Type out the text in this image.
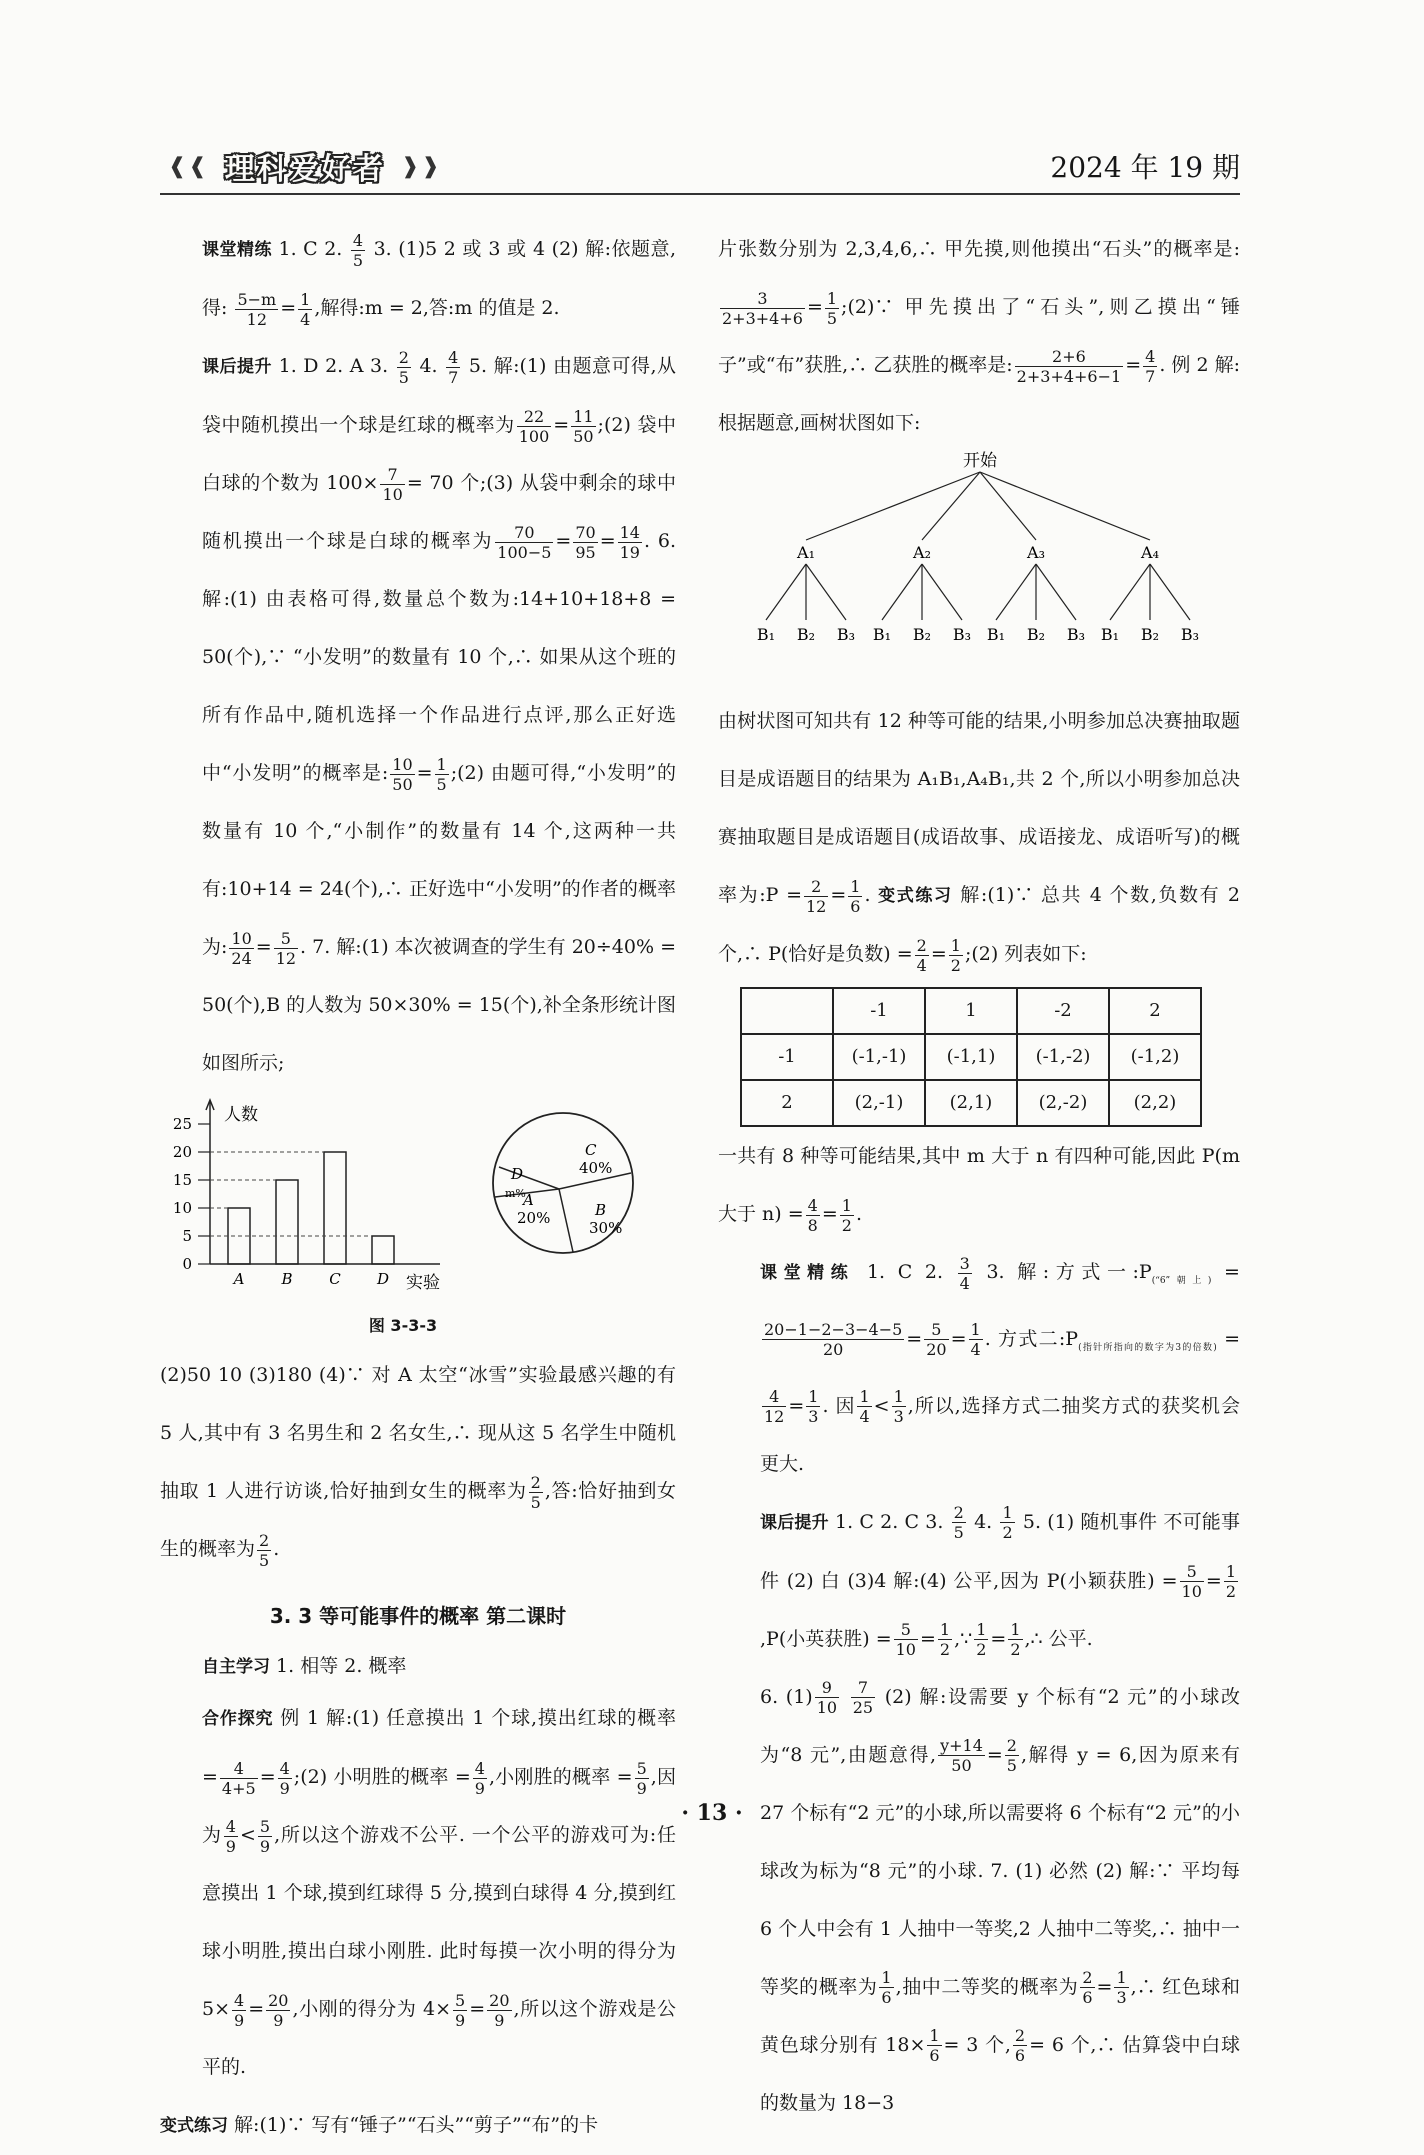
❰❰ 理科爱好者 ❱❱	2024 年 19 期

课堂精练 1. C 2. $\frac{4}{5} 3$. (1)5 2 或 3 或 4 (2) 解:依题意,得: $\frac{5-m}{12} = \frac{1}{4}$ ,解得:m = 2,答:m 的值是 2.

课后提升 1. D 2. A 3. $\frac{2}{5} 4$. $\frac{4}{7} 5$. 解:(1) 由题意可得,从袋中随机摸出一个球是红球的概率为 $\frac{22}{100} = \frac{11}{50}$ ;(2) 袋中白球的个数为 $100\times \frac{7}{10} = 70$ 个;(3) 从袋中剩余的球中随机摸出一个球是白球的概率为 $\frac{70}{100-5} = \frac{70}{95} = \frac{14}{19}$ . 6. 解:(1) 由表格可得,数量总个数为:14+10+18+8 = 50(个),∵ “小发明”的数量有 10 个,∴ 如果从这个班的所有作品中,随机选择一个作品进行点评,那么正好选中“小发明”的概率是: $\frac{10}{50} = \frac{1}{5}$ ;(2) 由题可得,“小发明”的数量有 10 个,“小制作”的数量有 14 个,这两种一共有:10+14 = 24(个),∴ 正好选中“小发明”的作者的概率为: $\frac{10}{24} = \frac{5}{12}$ . 7. 解:(1) 本次被调查的学生有 20÷40% = 50(个),B 的人数为 50×30% = 15(个),补全条形统计图如图所示;

人数
实验
0
5
10
15
20
25
A B C D
C
40%
B
30%
A
20%
D
m%
图 3-3-3

(2)50 10 (3)180 (4)∵ 对 A 太空“冰雪”实验最感兴趣的有 5 人,其中有 3 名男生和 2 名女生,∴ 现从这 5 名学生中随机抽取 1 人进行访谈,恰好抽到女生的概率为 $\frac{2}{5}$ ,答:恰好抽到女生的概率为 $\frac{2}{5}$ .

3. 3 等可能事件的概率 第二课时

自主学习 1. 相等 2. 概率

合作探究 例 1 解:(1) 任意摸出 1 个球,摸出红球的概率 = $\frac{4}{4+5} = \frac{4}{9}$ ;(2) 小明胜的概率 = $\frac{4}{9}$ ,小刚胜的概率 = $\frac{5}{9}$ ,因为 $\frac{4}{9} < \frac{5}{9}$ ,所以这个游戏不公平. 一个公平的游戏可为:任意摸出 1 个球,摸到红球得 5 分,摸到白球得 4 分,摸到红球小明胜,摸出白球小刚胜. 此时每摸一次小明的得分为 $5\times \frac{4}{9} = \frac{20}{9}$ ,小刚的得分为 $4\times \frac{5}{9} = \frac{20}{9}$ ,所以这个游戏是公平的.

变式练习 解:(1)∵ 写有“锤子”“石头”“剪子”“布”的卡

片张数分别为 2,3,4,6,∴ 甲先摸,则他摸出“石头”的概率是:
$\frac{3}{2+3+4+6} = \frac{1}{5}$ ;(2)∵ 甲先摸出了“石头”,则乙摸出“锤子”或“布”获胜,∴ 乙获胜的概率是: $\frac{2+6}{2+3+4+6-1} = \frac{4}{7}$ . 例 2 解:根据题意,画树状图如下:

开始
A₁
B₁ B₂ B₃
A₂
B₁ B₂ B₃
A₃
B₁ B₂ B₃
A₄
B₁ B₂ B₃

由树状图可知共有 12 种等可能的结果,小明参加总决赛抽取题目是成语题目的结果为 A₁B₁,A₄B₁,共 2 个,所以小明参加总决赛抽取题目是成语题目(成语故事、成语接龙、成语听写)的概率为:P = $\frac{2}{12} = \frac{1}{6}$ . 变式练习 解:(1)∵ 总共 4 个数,负数有 2 个,∴ P(恰好是负数) = $\frac{2}{4} = \frac{1}{2}$ ;(2) 列表如下:

	-1	1	-2	2
-1	(-1,-1)	(-1,1)	(-1,-2)	(-1,2)
2	(2,-1)	(2,1)	(2,-2)	(2,2)

一共有 8 种等可能结果,其中 m 大于 n 有四种可能,因此 P(m 大于 $n) = \frac{4}{8} = \frac{1}{2}$ .

课堂精练 1. C 2. $\frac{3}{4} 3$. 解:方式一$:P_{(“6”朝上)}$ =
$\frac{20-1-2-3-4-5}{20} = \frac{5}{20} = \frac{1}{4}$ . 方式二$:P_{(指针所指向的数字为3的倍数)}$ =
$\frac{4}{12} = \frac{1}{3}$ . 因 $\frac{1}{4} < \frac{1}{3}$ ,所以,选择方式二抽奖方式的获奖机会更大.

课后提升 1. C 2. C 3. $\frac{2}{5} 4$. $\frac{1}{2} 5$. (1) 随机事件 不可能事件 (2) 白 (3)4 解:(4) 公平,因为 P(小颖获胜) = $\frac{5}{10} = \frac{1}{2}$
,P(小英获胜) = $\frac{5}{10} = \frac{1}{2}$ ,∵ $\frac{1}{2} = \frac{1}{2}$ ,∴ 公平.

6. $(1) \frac{9}{10}$
$\frac{7}{25} (2)$ 解:设需要 y 个标有“2 元”的小球改为“8 元”,由题意得, $\frac{y+14}{50} = \frac{2}{5}$ ,解得 y = 6,因为原来有 27 个标有“2 元”的小球,所以需要将 6 个标有“2 元”的小球改为标为“8 元”的小球. 7. (1) 必然 (2) 解:∵ 平均每 6 个人中会有 1 人抽中一等奖,2 人抽中二等奖,∴ 抽中一等奖的概率为 $\frac{1}{6}$ ,抽中二等奖的概率为 $\frac{2}{6} = \frac{1}{3}$ ,∴ 红色球和黄色球分别有 $18\times \frac{1}{6} = 3$ 个, $\frac{2}{6} = 6$ 个,∴ 估算袋中白球的数量为 18−3

· 13 ·
